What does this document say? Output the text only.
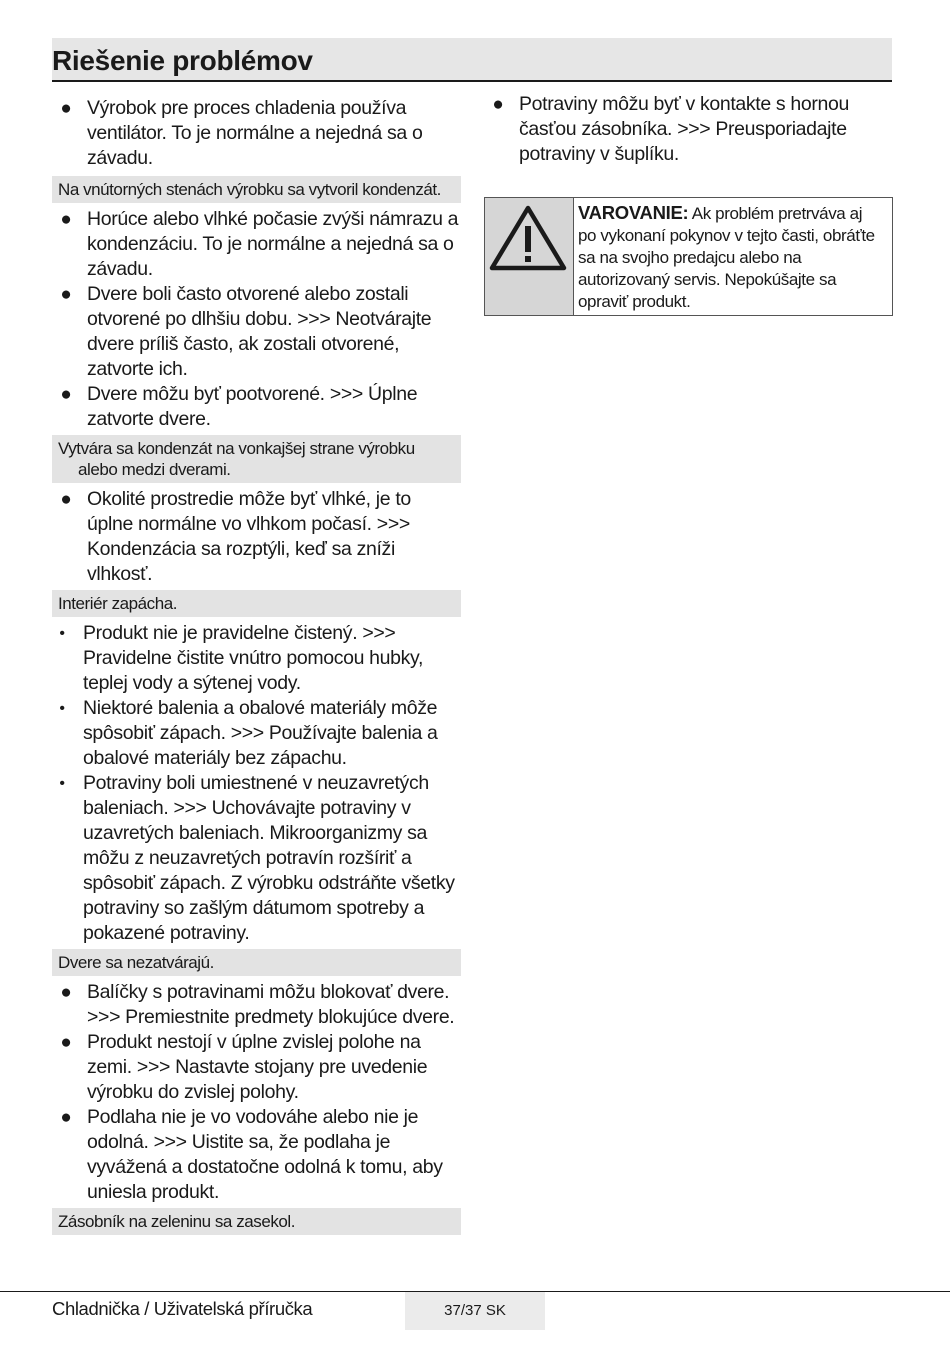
Riešenie problémov
● Výrobok pre proces chladenia používa ventilátor. To je normálne a nejedná sa o závadu.
Na vnútorných stenách výrobku sa vytvoril kondenzát.
● Horúce alebo vlhké počasie zvýši námrazu a kondenzáciu. To je normálne a nejedná sa o závadu.
● Dvere boli často otvorené alebo zostali otvorené po dlhšiu dobu. >>> Neotvárajte dvere príliš často, ak zostali otvorené, zatvorte ich.
● Dvere môžu byť pootvorené. >>> Úplne zatvorte dvere.
Vytvára sa kondenzát na vonkajšej strane výrobku
alebo medzi dverami.
● Okolité prostredie môže byť vlhké, je to úplne normálne vo vlhkom počasí. >>> Kondenzácia sa rozptýli, keď sa zníži vlhkosť.
Interiér zapácha.
• Produkt nie je pravidelne čistený. >>> Pravidelne čistite vnútro pomocou hubky, teplej vody a sýtenej vody.
• Niektoré balenia a obalové materiály môže spôsobiť zápach. >>> Používajte balenia a obalové materiály bez zápachu.
• Potraviny boli umiestnené v neuzavretých baleniach. >>> Uchovávajte potraviny v uzavretých baleniach. Mikroorganizmy sa môžu z neuzavretých potravín rozšíriť a spôsobiť zápach. Z výrobku odstráňte všetky potraviny so zašlým dátumom spotreby a pokazené potraviny.
Dvere sa nezatvárajú.
● Balíčky s potravinami môžu blokovať dvere. >>> Premiestnite predmety blokujúce dvere.
● Produkt nestojí v úplne zvislej polohe na zemi. >>> Nastavte stojany pre uvedenie výrobku do zvislej polohy.
● Podlaha nie je vo vodováhe alebo nie je odolná. >>> Uistite sa, že podlaha je vyvážená a dostatočne odolná k tomu, aby uniesla produkt.
Zásobník na zeleninu sa zasekol.
● Potraviny môžu byť v kontakte s hornou časťou zásobníka. >>> Preusporiadajte potraviny v šuplíku.
VAROVANIE: Ak problém pretrváva aj po vykonaní pokynov v tejto časti, obráťte sa na svojho predajcu alebo na autorizovaný servis. Nepokúšajte sa opraviť produkt.
Chladnička / Uživatelská příručka	37/37 SK
